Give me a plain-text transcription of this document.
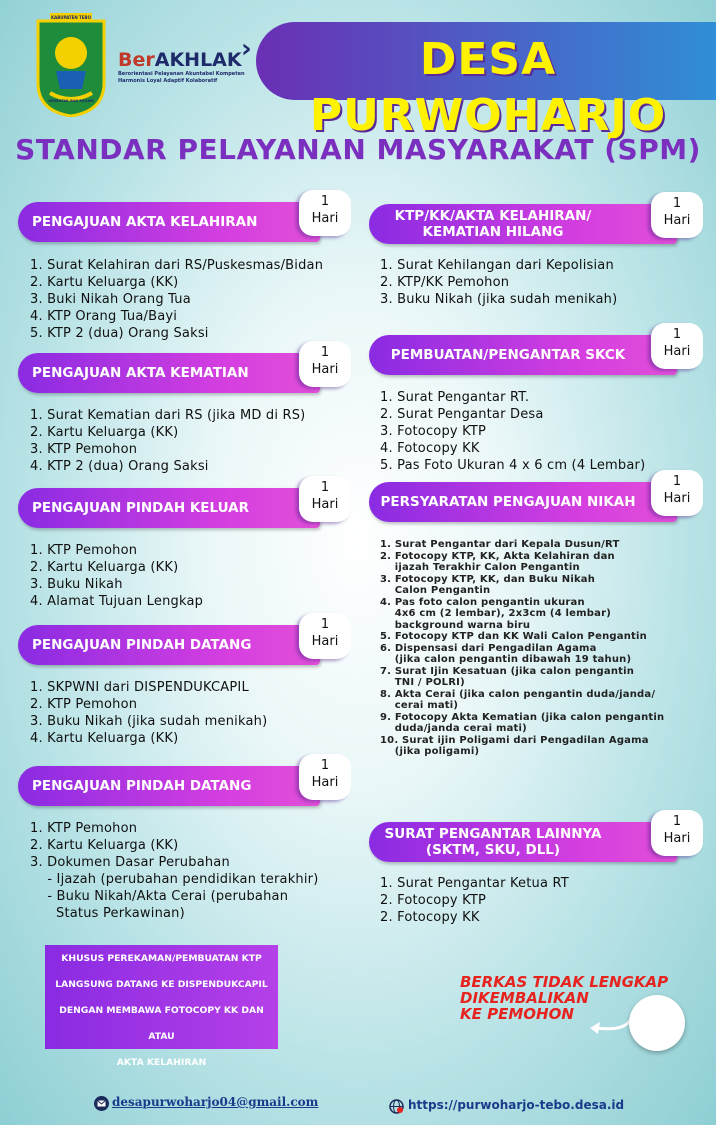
KABUPATEN TEBO
SERENTAK BAK REGAM
BerAKHLAK
Berorientasi Pelayanan Akuntabel Kompeten
Harmonis Loyal Adaptif Kolaboratif
›	DESA PURWOHARJO
STANDAR PELAYANAN MASYARAKAT (SPM)
PENGAJUAN AKTA KELAHIRAN
1
Hari
1. Surat Kelahiran dari RS/Puskesmas/Bidan
2. Kartu Keluarga (KK)
3. Buki Nikah Orang Tua
4. KTP Orang Tua/Bayi
5. KTP 2 (dua) Orang Saksi
PENGAJUAN AKTA KEMATIAN
1
Hari
1. Surat Kematian dari RS (jika MD di RS)
2. Kartu Keluarga (KK)
3. KTP Pemohon
4. KTP 2 (dua) Orang Saksi
PENGAJUAN PINDAH KELUAR
1
Hari
1. KTP Pemohon
2. Kartu Keluarga (KK)
3. Buku Nikah
4. Alamat Tujuan Lengkap
PENGAJUAN PINDAH DATANG
1
Hari
1. SKPWNI dari DISPENDUKCAPIL
2. KTP Pemohon
3. Buku Nikah (jika sudah menikah)
4. Kartu Keluarga (KK)
PENGAJUAN PINDAH DATANG
1
Hari
1. KTP Pemohon
2. Kartu Keluarga (KK)
3. Dokumen Dasar Perubahan
- Ijazah (perubahan pendidikan terakhir)
- Buku Nikah/Akta Cerai (perubahan
Status Perkawinan)
KTP/KK/AKTA KELAHIRAN/
KEMATIAN HILANG
1
Hari
1. Surat Kehilangan dari Kepolisian
2. KTP/KK Pemohon
3. Buku Nikah (jika sudah menikah)
PEMBUATAN/PENGANTAR SKCK
1
Hari
1. Surat Pengantar RT.
2. Surat Pengantar Desa
3. Fotocopy KTP
4. Fotocopy KK
5. Pas Foto Ukuran 4 x 6 cm (4 Lembar)
PERSYARATAN PENGAJUAN NIKAH
1
Hari
1. Surat Pengantar dari Kepala Dusun/RT
2. Fotocopy KTP, KK, Akta Kelahiran dan
ijazah Terakhir Calon Pengantin
3. Fotocopy KTP, KK, dan Buku Nikah
Calon Pengantin
4. Pas foto calon pengantin ukuran
4x6 cm (2 lembar), 2x3cm (4 lembar)
background warna biru
5. Fotocopy KTP dan KK Wali Calon Pengantin
6. Dispensasi dari Pengadilan Agama
(jika calon pengantin dibawah 19 tahun)
7. Surat Ijin Kesatuan (jika calon pengantin
TNI / POLRI)
8. Akta Cerai (jika calon pengantin duda/janda/
cerai mati)
9. Fotocopy Akta Kematian (jika calon pengantin
duda/janda cerai mati)
10. Surat ijin Poligami dari Pengadilan Agama
(jika poligami)
SURAT PENGANTAR LAINNYA
(SKTM, SKU, DLL)
1
Hari
1. Surat Pengantar Ketua RT
2. Fotocopy KTP
2. Fotocopy KK
KHUSUS PEREKAMAN/PEMBUATAN KTP
LANGSUNG DATANG KE DISPENDUKCAPIL
DENGAN MEMBAWA FOTOCOPY KK DAN ATAU
AKTA KELAHIRAN
BERKAS TIDAK LENGKAP
DIKEMBALIKAN
KE PEMOHON
desapurwoharjo04@gmail.com	https://purwoharjo-tebo.desa.id
